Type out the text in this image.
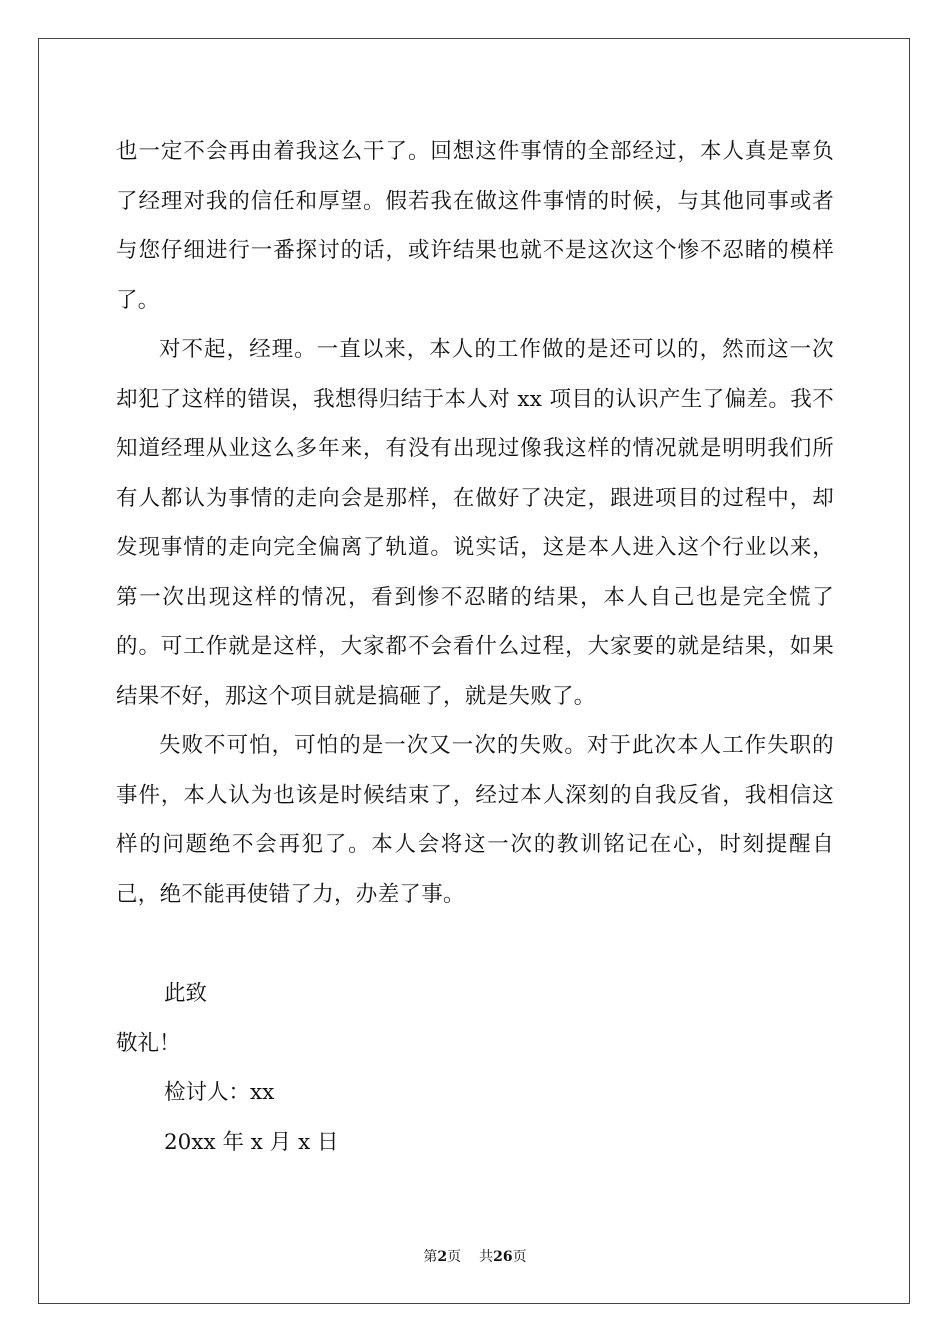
也一定不会再由着我这么干了。回想这件事情的全部经过，本人真是辜负了经理对我的信任和厚望。假若我在做这件事情的时候，与其他同事或者与您仔细进行一番探讨的话，或许结果也就不是这次这个惨不忍睹的模样了。

对不起，经理。一直以来，本人的工作做的是还可以的，然而这一次却犯了这样的错误，我想得归结于本人对 xx 项目的认识产生了偏差。我不知道经理从业这么多年来，有没有出现过像我这样的情况就是明明我们所有人都认为事情的走向会是那样，在做好了决定，跟进项目的过程中，却发现事情的走向完全偏离了轨道。说实话，这是本人进入这个行业以来，第一次出现这样的情况，看到惨不忍睹的结果，本人自己也是完全慌了的。可工作就是这样，大家都不会看什么过程，大家要的就是结果，如果结果不好，那这个项目就是搞砸了，就是失败了。

失败不可怕，可怕的是一次又一次的失败。对于此次本人工作失职的事件，本人认为也该是时候结束了，经过本人深刻的自我反省，我相信这样的问题绝不会再犯了。本人会将这一次的教训铭记在心，时刻提醒自己，绝不能再使错了力，办差了事。

此致

敬礼！

检讨人：xx

20xx 年 x 月 x 日

第2页 共26页
